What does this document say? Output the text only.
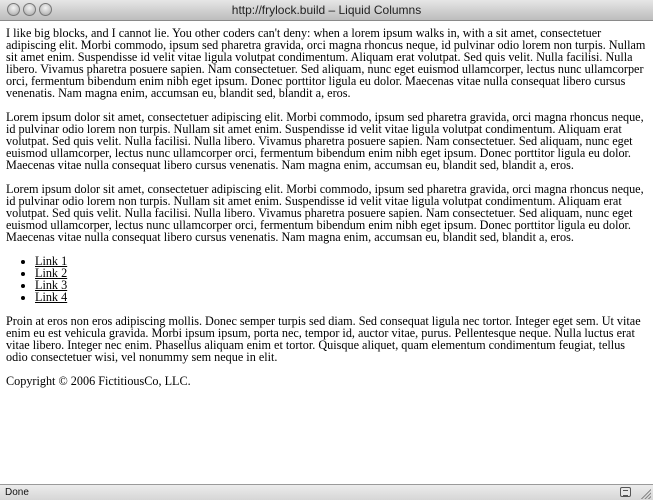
http://frylock.build – Liquid Columns

I like big blocks, and I cannot lie. You other coders can't deny: when a lorem ipsum walks in, with a sit amet, consectetuer adipiscing elit. Morbi commodo, ipsum sed pharetra gravida, orci magna rhoncus neque, id pulvinar odio lorem non turpis. Nullam sit amet enim. Suspendisse id velit vitae ligula volutpat condimentum. Aliquam erat volutpat. Sed quis velit. Nulla facilisi. Nulla libero. Vivamus pharetra posuere sapien. Nam consectetuer. Sed aliquam, nunc eget euismod ullamcorper, lectus nunc ullamcorper orci, fermentum bibendum enim nibh eget ipsum. Donec porttitor ligula eu dolor. Maecenas vitae nulla consequat libero cursus venenatis. Nam magna enim, accumsan eu, blandit sed, blandit a, eros.

Lorem ipsum dolor sit amet, consectetuer adipiscing elit. Morbi commodo, ipsum sed pharetra gravida, orci magna rhoncus neque, id pulvinar odio lorem non turpis. Nullam sit amet enim. Suspendisse id velit vitae ligula volutpat condimentum. Aliquam erat volutpat. Sed quis velit. Nulla facilisi. Nulla libero. Vivamus pharetra posuere sapien. Nam consectetuer. Sed aliquam, nunc eget euismod ullamcorper, lectus nunc ullamcorper orci, fermentum bibendum enim nibh eget ipsum. Donec porttitor ligula eu dolor. Maecenas vitae nulla consequat libero cursus venenatis. Nam magna enim, accumsan eu, blandit sed, blandit a, eros.

Lorem ipsum dolor sit amet, consectetuer adipiscing elit. Morbi commodo, ipsum sed pharetra gravida, orci magna rhoncus neque, id pulvinar odio lorem non turpis. Nullam sit amet enim. Suspendisse id velit vitae ligula volutpat condimentum. Aliquam erat volutpat. Sed quis velit. Nulla facilisi. Nulla libero. Vivamus pharetra posuere sapien. Nam consectetuer. Sed aliquam, nunc eget euismod ullamcorper, lectus nunc ullamcorper orci, fermentum bibendum enim nibh eget ipsum. Donec porttitor ligula eu dolor. Maecenas vitae nulla consequat libero cursus venenatis. Nam magna enim, accumsan eu, blandit sed, blandit a, eros.

• Link 1
• Link 2
• Link 3
• Link 4

Proin at eros non eros adipiscing mollis. Donec semper turpis sed diam. Sed consequat ligula nec tortor. Integer eget sem. Ut vitae enim eu est vehicula gravida. Morbi ipsum ipsum, porta nec, tempor id, auctor vitae, purus. Pellentesque neque. Nulla luctus erat vitae libero. Integer nec enim. Phasellus aliquam enim et tortor. Quisque aliquet, quam elementum condimentum feugiat, tellus odio consectetuer wisi, vel nonummy sem neque in elit.

Copyright © 2006 FictitiousCo, LLC.

Done
